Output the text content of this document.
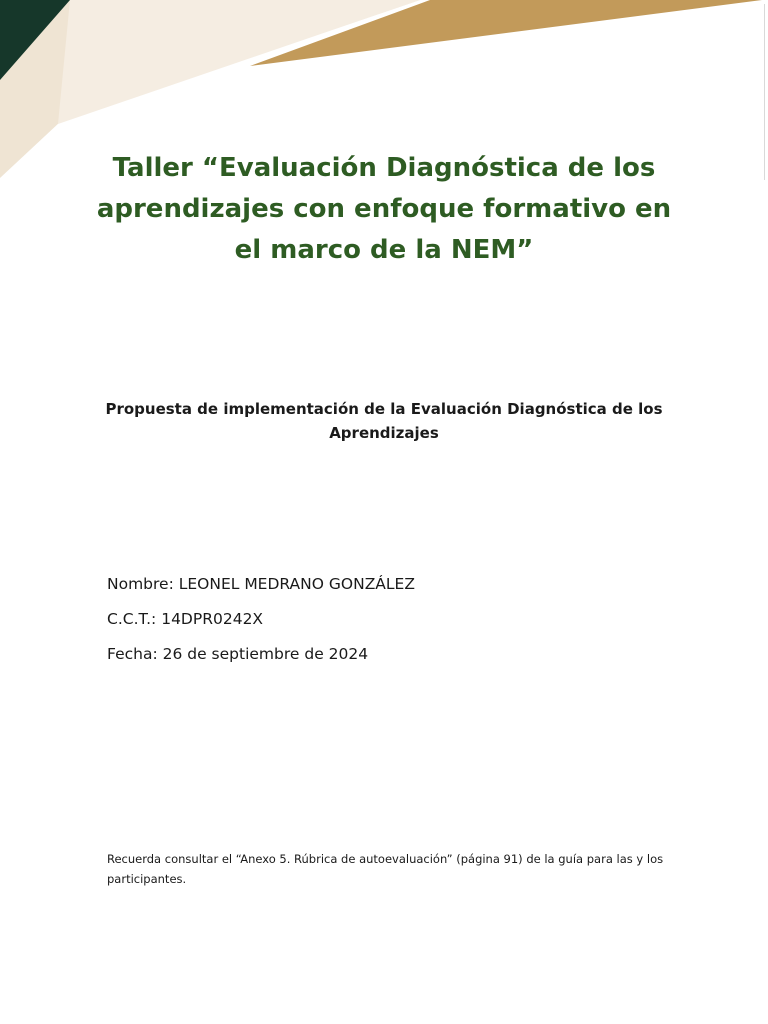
Taller “Evaluación Diagnóstica de los aprendizajes con enfoque formativo en el marco de la NEM”

Propuesta de implementación de la Evaluación Diagnóstica de los Aprendizajes

Nombre: LEONEL MEDRANO GONZÁLEZ
C.C.T.: 14DPR0242X
Fecha: 26 de septiembre de 2024

Recuerda consultar el “Anexo 5. Rúbrica de autoevaluación” (página 91) de la guía para las y los participantes.
